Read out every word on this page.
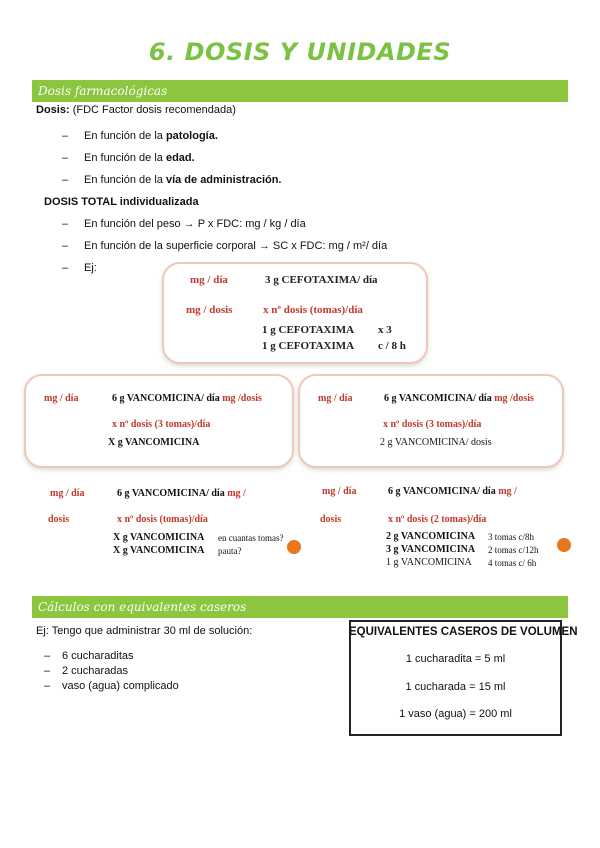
6. DOSIS Y UNIDADES
Dosis farmacológicas
Dosis: (FDC Factor dosis recomendada)
– En función de la patología.
– En función de la edad.
– En función de la vía de administración.
DOSIS TOTAL individualizada
– En función del peso → P x FDC: mg / kg / día
– En función de la superficie corporal → SC x FDC: mg / m²/ día
– Ej:
mg / día	3 g CEFOTAXIMA/ día
mg / dosis	x nº dosis (tomas)/día
1 g CEFOTAXIMA x 3
1 g CEFOTAXIMA c / 8 h
mg / día	6 g VANCOMICINA/ día mg /dosis
x nº dosis (3 tomas)/día
X g VANCOMICINA
mg / día	6 g VANCOMICINA/ día mg /dosis
x nº dosis (3 tomas)/día
2 g VANCOMICINA/ dosis
mg / día
dosis
6 g VANCOMICINA/ día mg /
x nº dosis (tomas)/día
X g VANCOMICINA en cuantas tomas?
X g VANCOMICINA pauta?
mg / día
dosis
6 g VANCOMICINA/ día mg /
x nº dosis (2 tomas)/día
2 g VANCOMICINA 3 tomas c/8h
3 g VANCOMICINA 2 tomas c/12h
1 g VANCOMICINA 4 tomas c/ 6h
Cálculos con equivalentes caseros
Ej: Tengo que administrar 30 ml de solución:
– 6 cucharaditas
– 2 cucharadas
– vaso (agua) complicado
EQUIVALENTES CASEROS DE VOLUMEN
1 cucharadita = 5 ml
1 cucharada = 15 ml
1 vaso (agua) = 200 ml
